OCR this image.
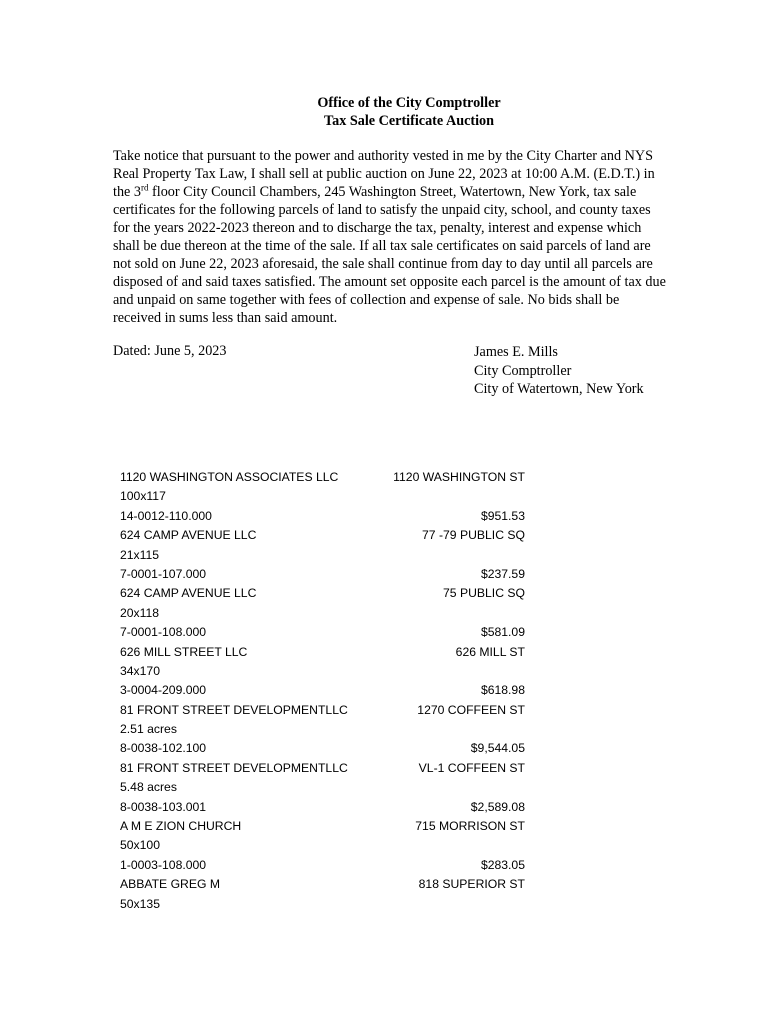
Office of the City Comptroller
Tax Sale Certificate Auction
Take notice that pursuant to the power and authority vested in me by the City Charter and NYS
Real Property Tax Law, I shall sell at public auction on June 22, 2023 at 10:00 A.M. (E.D.T.) in
the 3rd floor City Council Chambers, 245 Washington Street, Watertown, New York, tax sale
certificates for the following parcels of land to satisfy the unpaid city, school, and county taxes
for the years 2022-2023 thereon and to discharge the tax, penalty, interest and expense which
shall be due thereon at the time of the sale. If all tax sale certificates on said parcels of land are
not sold on June 22, 2023 aforesaid, the sale shall continue from day to day until all parcels are
disposed of and said taxes satisfied. The amount set opposite each parcel is the amount of tax due
and unpaid on same together with fees of collection and expense of sale. No bids shall be
received in sums less than said amount.
Dated: June 5, 2023	James E. Mills
City Comptroller
City of Watertown, New York
1120 WASHINGTON ASSOCIATES LLC	1120 WASHINGTON ST
100x117
14-0012-110.000	$951.53
624 CAMP AVENUE LLC	77 -79 PUBLIC SQ
21x115
7-0001-107.000	$237.59
624 CAMP AVENUE LLC	75 PUBLIC SQ
20x118
7-0001-108.000	$581.09
626 MILL STREET LLC	626 MILL ST
34x170
3-0004-209.000	$618.98
81 FRONT STREET DEVELOPMENTLLC	1270 COFFEEN ST
2.51 acres
8-0038-102.100	$9,544.05
81 FRONT STREET DEVELOPMENTLLC	VL-1 COFFEEN ST
5.48 acres
8-0038-103.001	$2,589.08
A M E ZION CHURCH	715 MORRISON ST
50x100
1-0003-108.000	$283.05
ABBATE GREG M	818 SUPERIOR ST
50x135
